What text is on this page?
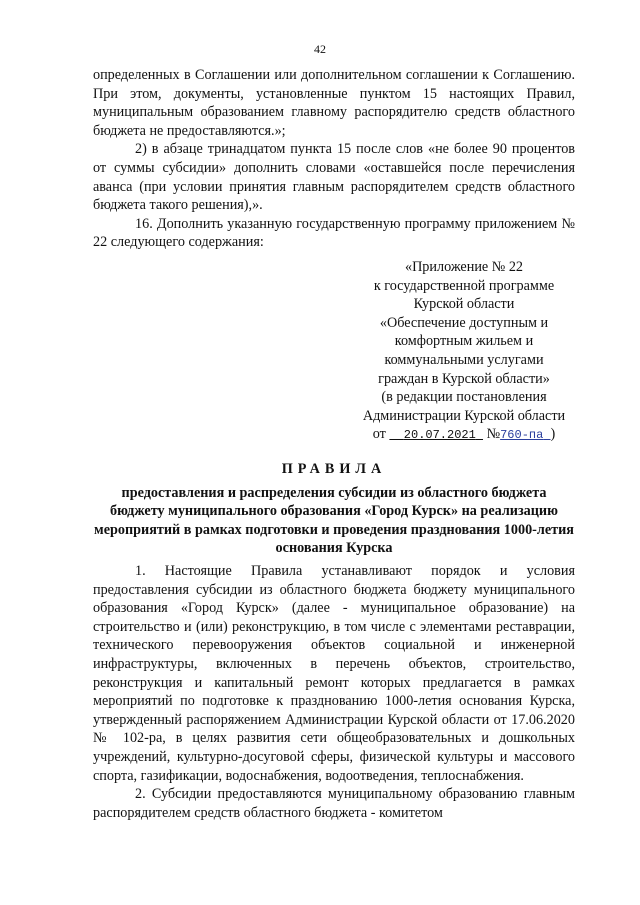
42

определенных в Соглашении или дополнительном соглашении к Соглашению. При этом, документы, установленные пунктом 15 настоящих Правил, муниципальным образованием главному распорядителю средств областного бюджета не предоставляются.»;

2) в абзаце тринадцатом пункта 15 после слов «не более 90 процентов от суммы субсидии» дополнить словами «оставшейся после перечисления аванса (при условии принятия главным распорядителем средств областного бюджета такого решения),».

16. Дополнить указанную государственную программу приложением № 22 следующего содержания:

«Приложение № 22
к государственной программе
Курской области
«Обеспечение доступным и
комфортным жильем и
коммунальными услугами
граждан в Курской области»
(в редакции постановления
Администрации Курской области
от 20.07.2021 №760-па )
ПРАВИЛА
предоставления и распределения субсидии из областного бюджета бюджету муниципального образования «Город Курск» на реализацию мероприятий в рамках подготовки и проведения празднования 1000-летия основания Курска

1. Настоящие Правила устанавливают порядок и условия предоставления субсидии из областного бюджета бюджету муниципального образования «Город Курск» (далее - муниципальное образование) на строительство и (или) реконструкцию, в том числе с элементами реставрации, технического перевооружения объектов социальной и инженерной инфраструктуры, включенных в перечень объектов, строительство, реконструкция и капитальный ремонт которых предлагается в рамках мероприятий по подготовке к празднованию 1000-летия основания Курска, утвержденный распоряжением Администрации Курской области от 17.06.2020 № 102-ра, в целях развития сети общеобразовательных и дошкольных учреждений, культурно-досуговой сферы, физической культуры и массового спорта, газификации, водоснабжения, водоотведения, теплоснабжения.

2. Субсидии предоставляются муниципальному образованию главным распорядителем средств областного бюджета - комитетом
